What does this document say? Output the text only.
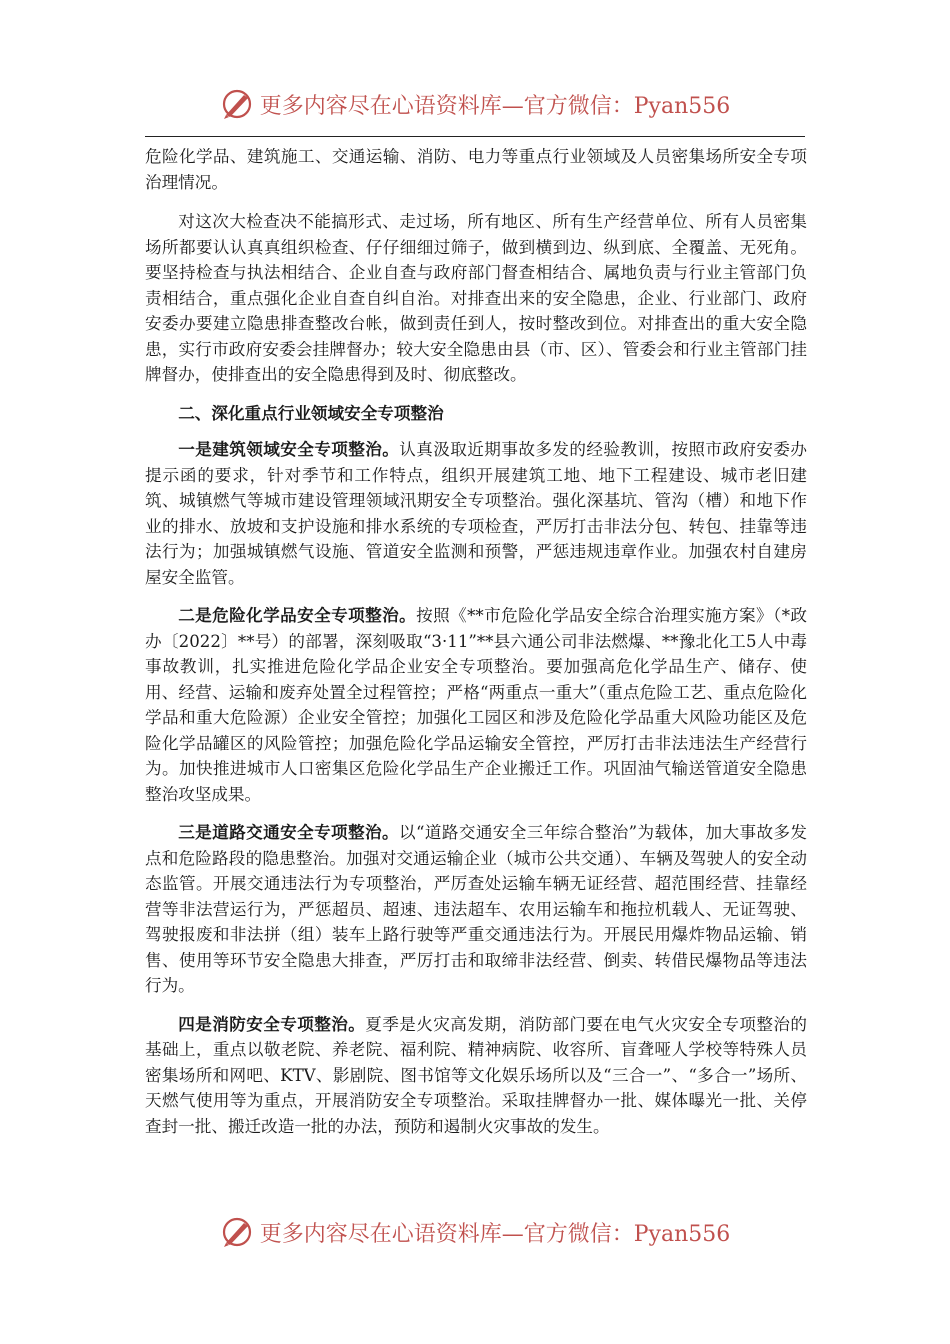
更多内容尽在心语资料库—官方微信：Pyan556

危险化学品、建筑施工、交通运输、消防、电力等重点行业领域及人员密集场所安全专项治理情况。

对这次大检查决不能搞形式、走过场，所有地区、所有生产经营单位、所有人员密集场所都要认认真真组织检查、仔仔细细过筛子，做到横到边、纵到底、全覆盖、无死角。要坚持检查与执法相结合、企业自查与政府部门督查相结合、属地负责与行业主管部门负责相结合，重点强化企业自查自纠自治。对排查出来的安全隐患，企业、行业部门、政府安委办要建立隐患排查整改台帐，做到责任到人，按时整改到位。对排查出的重大安全隐患，实行市政府安委会挂牌督办；较大安全隐患由县（市、区）、管委会和行业主管部门挂牌督办，使排查出的安全隐患得到及时、彻底整改。

二、深化重点行业领域安全专项整治

一是建筑领域安全专项整治。认真汲取近期事故多发的经验教训，按照市政府安委办提示函的要求，针对季节和工作特点，组织开展建筑工地、地下工程建设、城市老旧建筑、城镇燃气等城市建设管理领域汛期安全专项整治。强化深基坑、管沟（槽）和地下作业的排水、放坡和支护设施和排水系统的专项检查，严厉打击非法分包、转包、挂靠等违法行为；加强城镇燃气设施、管道安全监测和预警，严惩违规违章作业。加强农村自建房屋安全监管。

二是危险化学品安全专项整治。按照《**市危险化学品安全综合治理实施方案》（*政办〔2022〕**号）的部署，深刻吸取“3·11”**县六通公司非法燃爆、**豫北化工5人中毒事故教训，扎实推进危险化学品企业安全专项整治。要加强高危化学品生产、储存、使用、经营、运输和废弃处置全过程管控；严格“两重点一重大”（重点危险工艺、重点危险化学品和重大危险源）企业安全管控；加强化工园区和涉及危险化学品重大风险功能区及危险化学品罐区的风险管控；加强危险化学品运输安全管控，严厉打击非法违法生产经营行为。加快推进城市人口密集区危险化学品生产企业搬迁工作。巩固油气输送管道安全隐患整治攻坚成果。

三是道路交通安全专项整治。以“道路交通安全三年综合整治”为载体，加大事故多发点和危险路段的隐患整治。加强对交通运输企业（城市公共交通）、车辆及驾驶人的安全动态监管。开展交通违法行为专项整治，严厉查处运输车辆无证经营、超范围经营、挂靠经营等非法营运行为，严惩超员、超速、违法超车、农用运输车和拖拉机载人、无证驾驶、驾驶报废和非法拼（组）装车上路行驶等严重交通违法行为。开展民用爆炸物品运输、销售、使用等环节安全隐患大排查，严厉打击和取缔非法经营、倒卖、转借民爆物品等违法行为。

四是消防安全专项整治。夏季是火灾高发期，消防部门要在电气火灾安全专项整治的基础上，重点以敬老院、养老院、福利院、精神病院、收容所、盲聋哑人学校等特殊人员密集场所和网吧、KTV、影剧院、图书馆等文化娱乐场所以及“三合一”、“多合一”场所、天燃气使用等为重点，开展消防安全专项整治。采取挂牌督办一批、媒体曝光一批、关停查封一批、搬迁改造一批的办法，预防和遏制火灾事故的发生。

更多内容尽在心语资料库—官方微信：Pyan556
